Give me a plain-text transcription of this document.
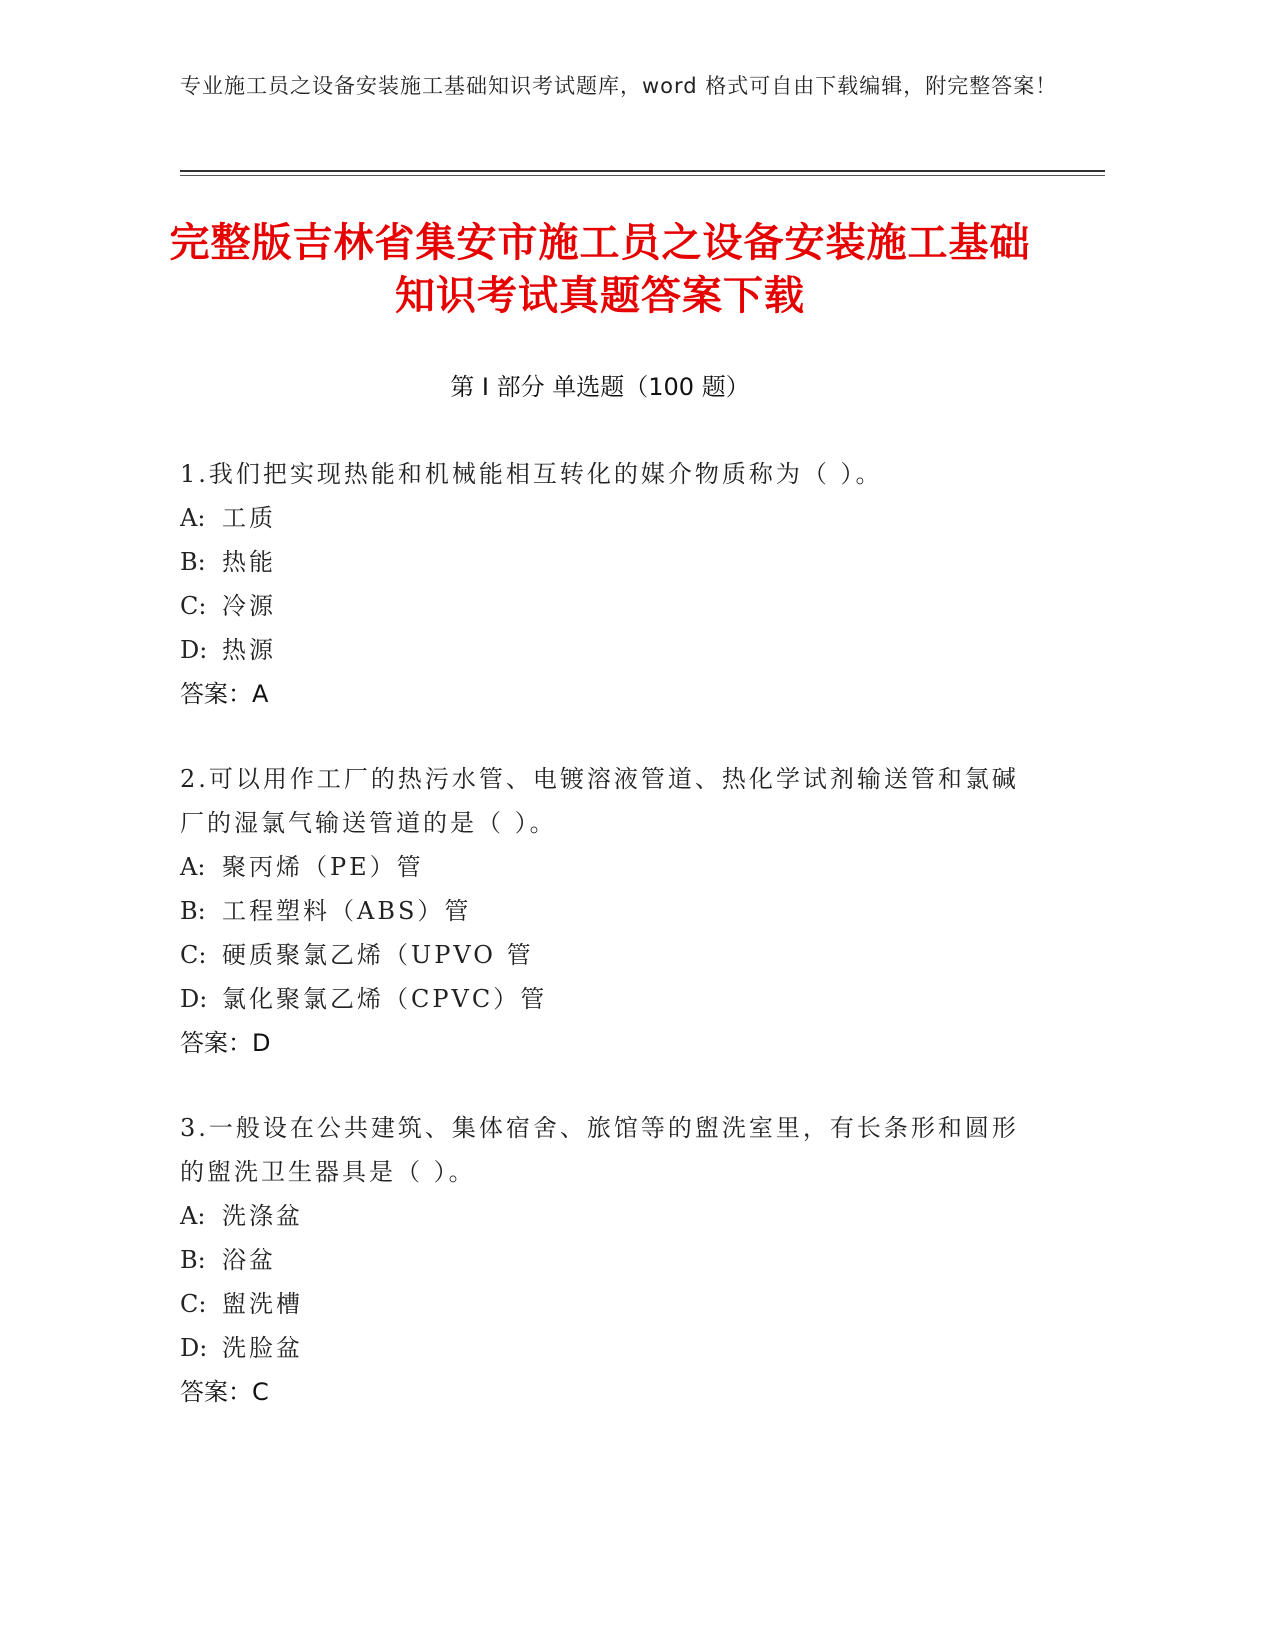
专业施工员之设备安装施工基础知识考试题库，word 格式可自由下载编辑，附完整答案！
完整版吉林省集安市施工员之设备安装施工基础知识考试真题答案下载
第 I 部分 单选题（100 题）
1.我们把实现热能和机械能相互转化的媒介物质称为（ ）。
A: 工质
B: 热能
C: 冷源
D: 热源
答案：A
2.可以用作工厂的热污水管、电镀溶液管道、热化学试剂输送管和氯碱厂的湿氯气输送管道的是（ ）。
A: 聚丙烯（PE）管
B: 工程塑料（ABS）管
C: 硬质聚氯乙烯（UPVO 管
D: 氯化聚氯乙烯（CPVC）管
答案：D
3.一般设在公共建筑、集体宿舍、旅馆等的盥洗室里，有长条形和圆形的盥洗卫生器具是（ ）。
A: 洗涤盆
B: 浴盆
C: 盥洗槽
D: 洗脸盆
答案：C
